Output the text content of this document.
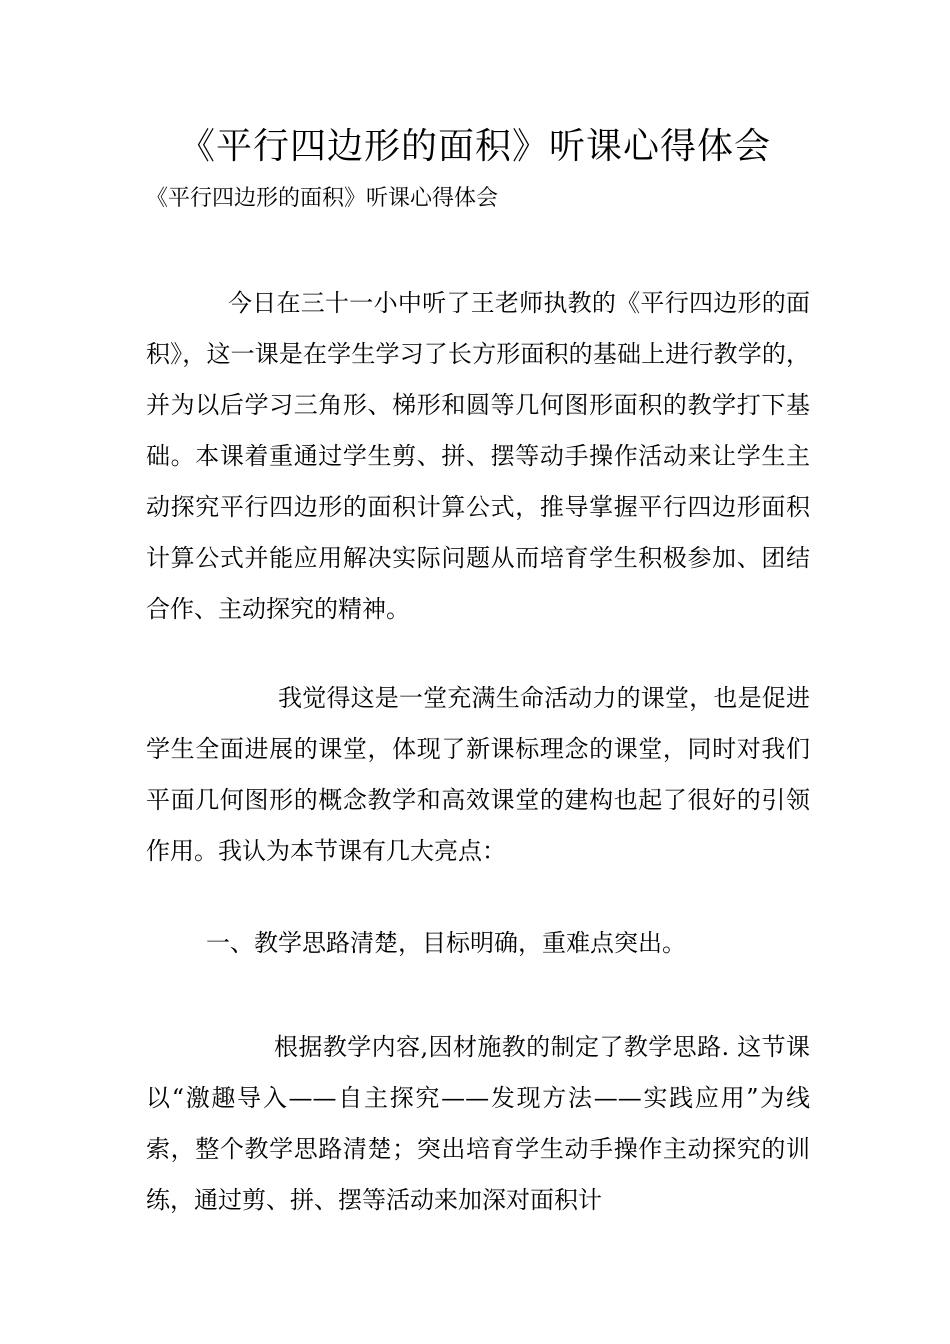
《平行四边形的面积》听课心得体会
《平行四边形的面积》听课心得体会

今日在三十一小中听了王老师执教的《平行四边形的面积》，这一课是在学生学习了长方形面积的基础上进行教学的，并为以后学习三角形、梯形和圆等几何图形面积的教学打下基础。本课着重通过学生剪、拼、摆等动手操作活动来让学生主动探究平行四边形的面积计算公式，推导掌握平行四边形面积计算公式并能应用解决实际问题从而培育学生积极参加、团结合作、主动探究的精神。

我觉得这是一堂充满生命活动力的课堂，也是促进学生全面进展的课堂，体现了新课标理念的课堂，同时对我们平面几何图形的概念教学和高效课堂的建构也起了很好的引领作用。我认为本节课有几大亮点：

一、教学思路清楚，目标明确，重难点突出。

根据教学内容,因材施教的制定了教学思路. 这节课以“激趣导入——自主探究——发现方法——实践应用”为线索，整个教学思路清楚；突出培育学生动手操作主动探究的训练，通过剪、拼、摆等活动来加深对面积计
